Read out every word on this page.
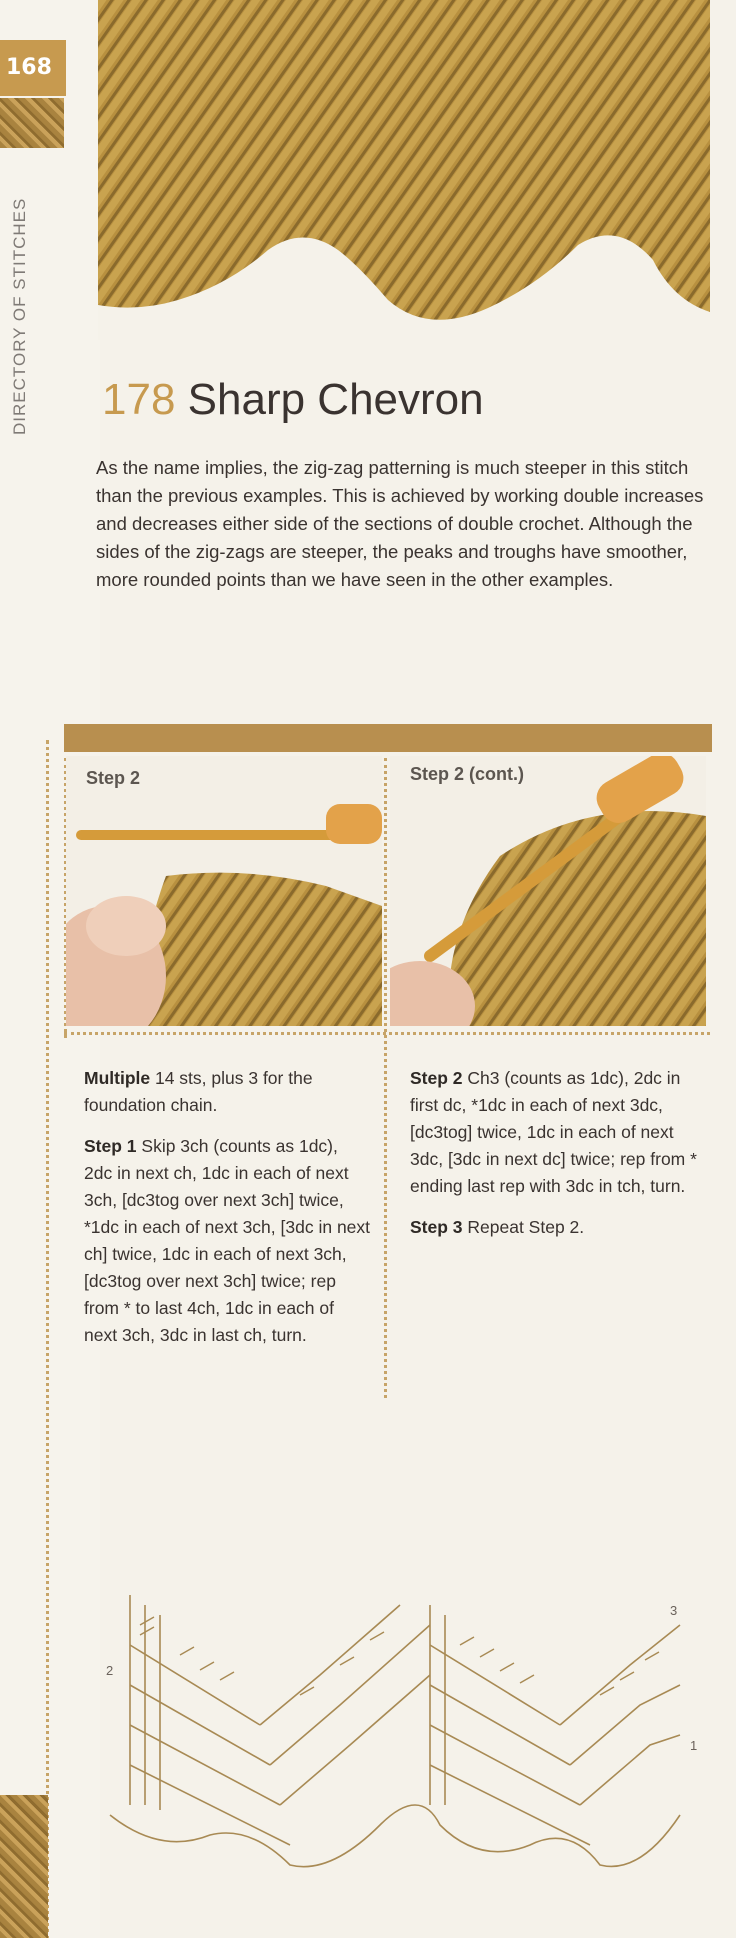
168
DIRECTORY OF STITCHES 178 Sharp Chevron
As the name implies, the zig-zag patterning is much steeper in this stitch than the previous examples. This is achieved by working double increases and decreases either side of the sections of double crochet. Although the sides of the zig-zags are steeper, the peaks and troughs have smoother, more rounded points than we have seen in the other examples.
Step 2	Step 2 (cont.)

Multiple 14 sts, plus 3 for the foundation chain.

Step 1 Skip 3ch (counts as 1dc), 2dc in next ch, 1dc in each of next 3ch, [dc3tog over next 3ch] twice, *1dc in each of next 3ch, [3dc in next ch] twice, 1dc in each of next 3ch, [dc3tog over next 3ch] twice; rep from * to last 4ch, 1dc in each of next 3ch, 3dc in last ch, turn.

Step 2 Ch3 (counts as 1dc), 2dc in first dc, *1dc in each of next 3dc, [dc3tog] twice, 1dc in each of next 3dc, [3dc in next dc] twice; rep from * ending last rep with 3dc in tch, turn.

Step 3 Repeat Step 2.

3
2
1
